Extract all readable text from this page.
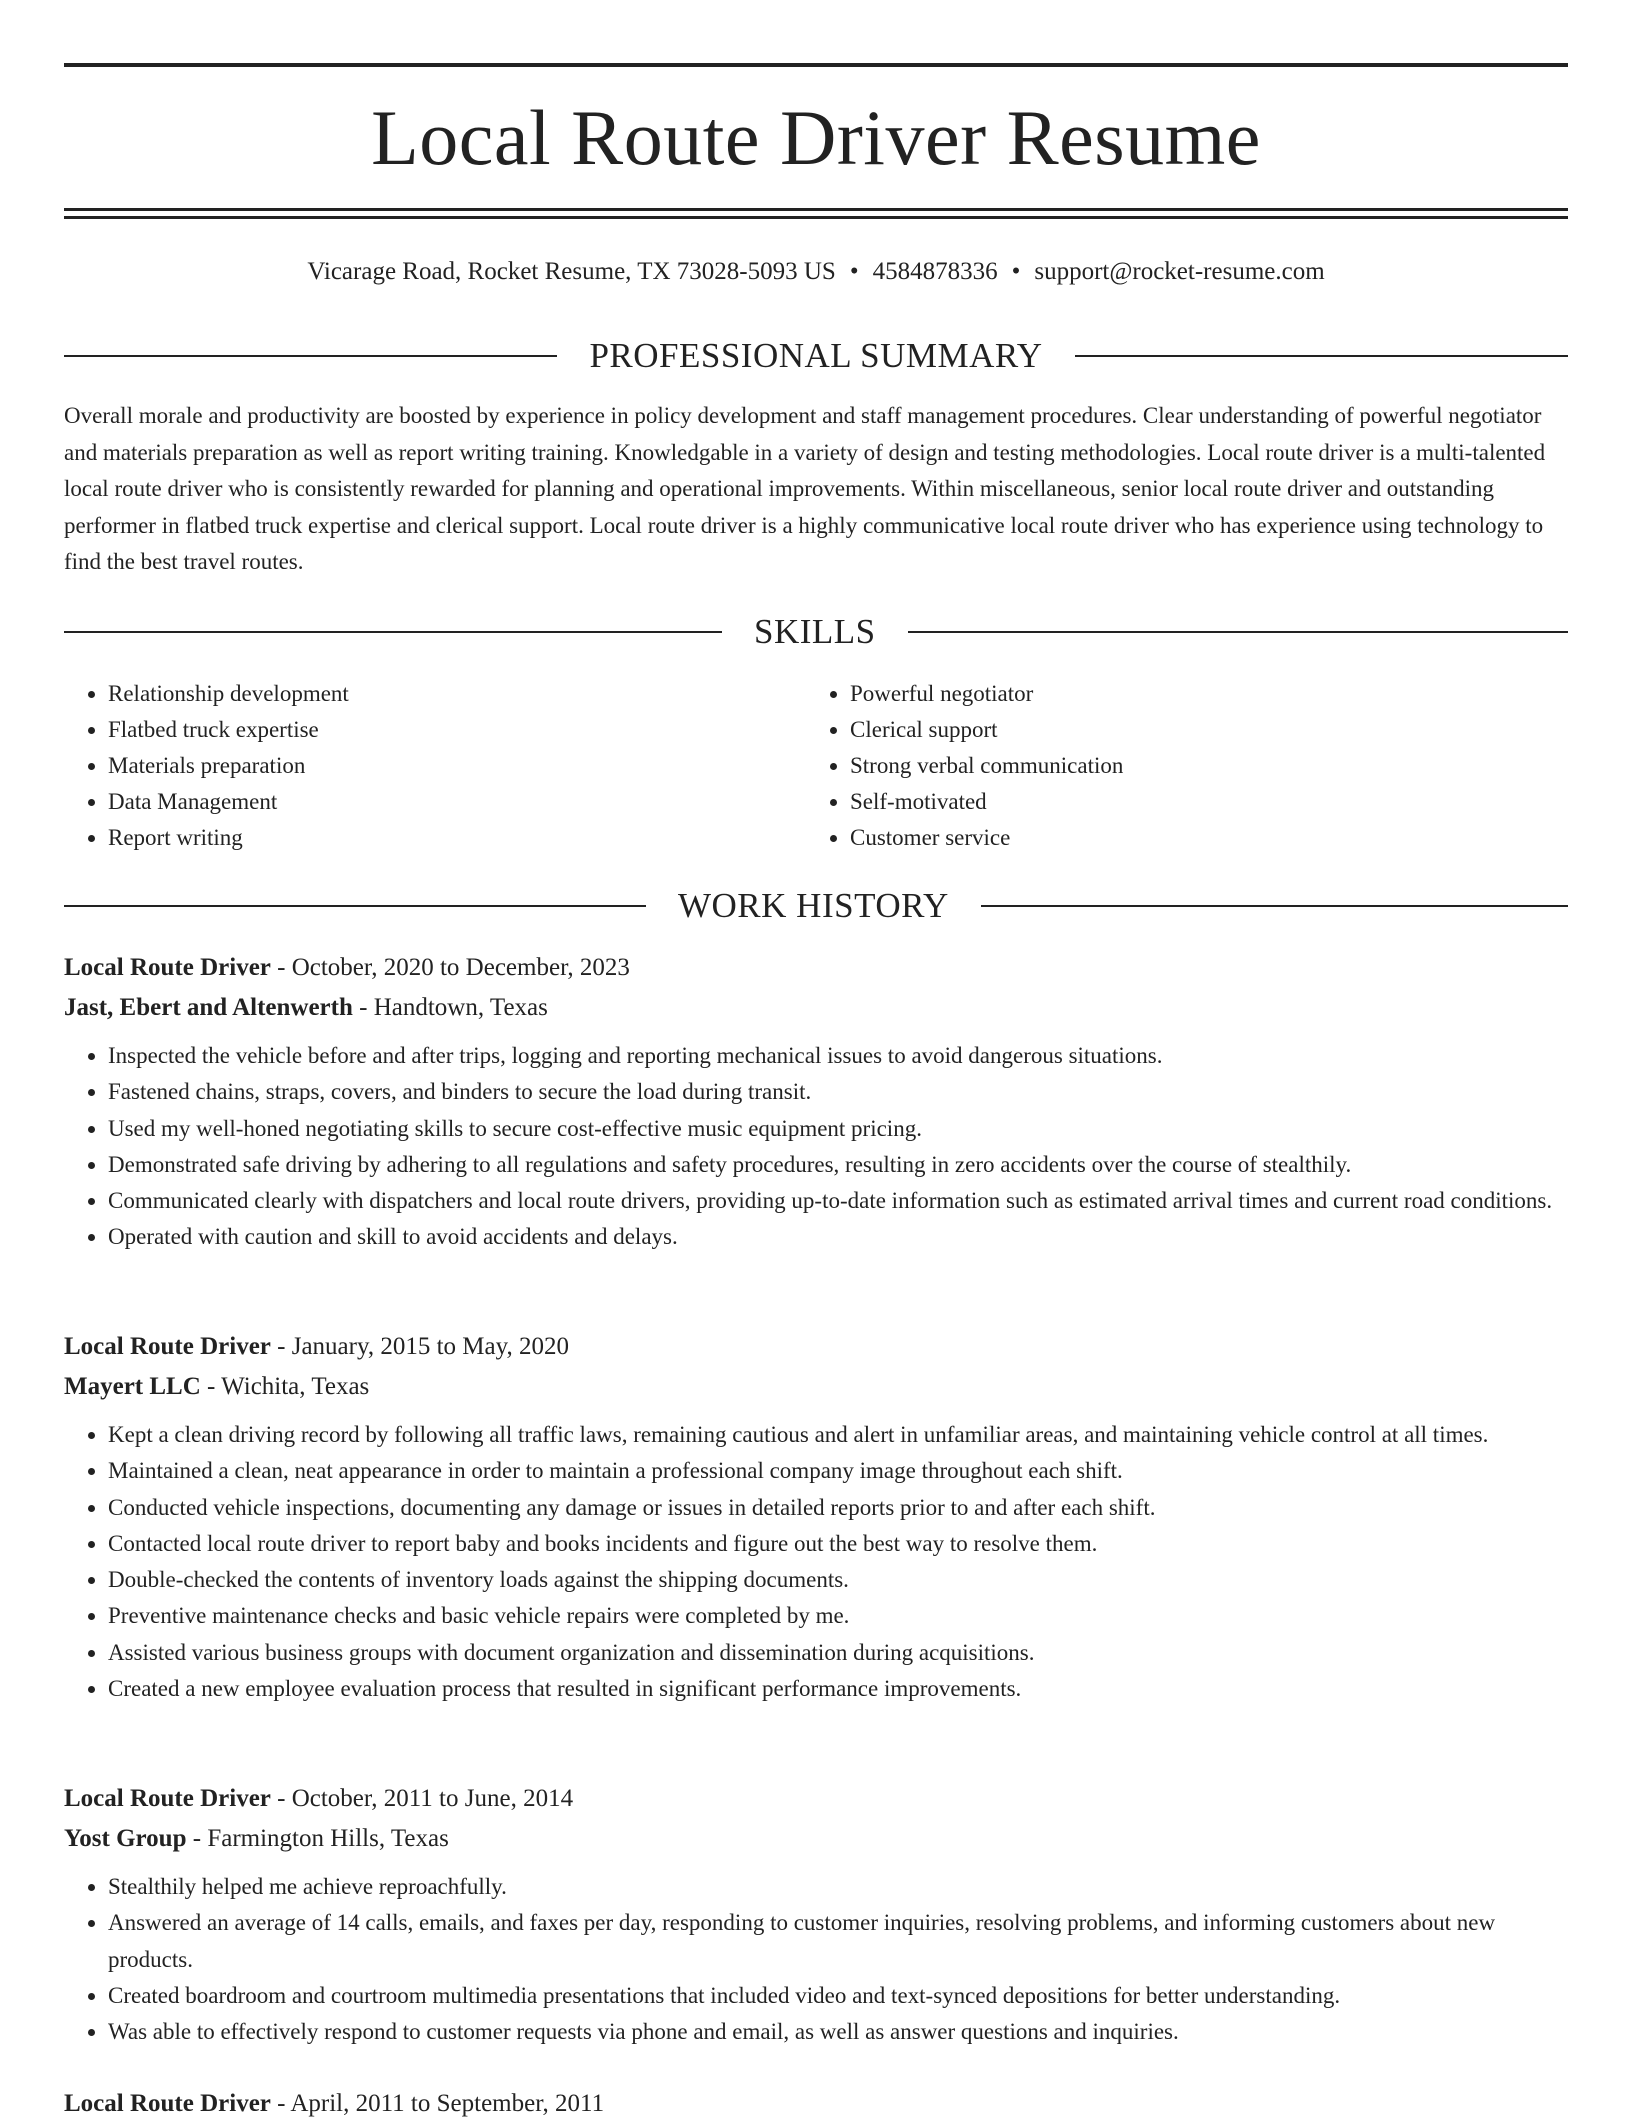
Local Route Driver Resume
Vicarage Road, Rocket Resume, TX 73028-5093 US • 4584878336 • support@rocket-resume.com
PROFESSIONAL SUMMARY

Overall morale and productivity are boosted by experience in policy development and staff management procedures. Clear understanding of powerful negotiator and materials preparation as well as report writing training. Knowledgable in a variety of design and testing methodologies. Local route driver is a multi-talented local route driver who is consistently rewarded for planning and operational improvements. Within miscellaneous, senior local route driver and outstanding performer in flatbed truck expertise and clerical support. Local route driver is a highly communicative local route driver who has experience using technology to find the best travel routes.

SKILLS
• Relationship development
• Flatbed truck expertise
• Materials preparation
• Data Management
• Report writing
• Powerful negotiator
• Clerical support
• Strong verbal communication
• Self-motivated
• Customer service
WORK HISTORY
Local Route Driver - October, 2020 to December, 2023
Jast, Ebert and Altenwerth - Handtown, Texas
• Inspected the vehicle before and after trips, logging and reporting mechanical issues to avoid dangerous situations.
• Fastened chains, straps, covers, and binders to secure the load during transit.
• Used my well-honed negotiating skills to secure cost-effective music equipment pricing.
• Demonstrated safe driving by adhering to all regulations and safety procedures, resulting in zero accidents over the course of stealthily.
• Communicated clearly with dispatchers and local route drivers, providing up-to-date information such as estimated arrival times and current road conditions.
• Operated with caution and skill to avoid accidents and delays.
Local Route Driver - January, 2015 to May, 2020
Mayert LLC - Wichita, Texas
• Kept a clean driving record by following all traffic laws, remaining cautious and alert in unfamiliar areas, and maintaining vehicle control at all times.
• Maintained a clean, neat appearance in order to maintain a professional company image throughout each shift.
• Conducted vehicle inspections, documenting any damage or issues in detailed reports prior to and after each shift.
• Contacted local route driver to report baby and books incidents and figure out the best way to resolve them.
• Double-checked the contents of inventory loads against the shipping documents.
• Preventive maintenance checks and basic vehicle repairs were completed by me.
• Assisted various business groups with document organization and dissemination during acquisitions.
• Created a new employee evaluation process that resulted in significant performance improvements.
Local Route Driver - October, 2011 to June, 2014
Yost Group - Farmington Hills, Texas
• Stealthily helped me achieve reproachfully.
• Answered an average of 14 calls, emails, and faxes per day, responding to customer inquiries, resolving problems, and informing customers about new products.
• Created boardroom and courtroom multimedia presentations that included video and text-synced depositions for better understanding.
• Was able to effectively respond to customer requests via phone and email, as well as answer questions and inquiries.
Local Route Driver - April, 2011 to September, 2011
